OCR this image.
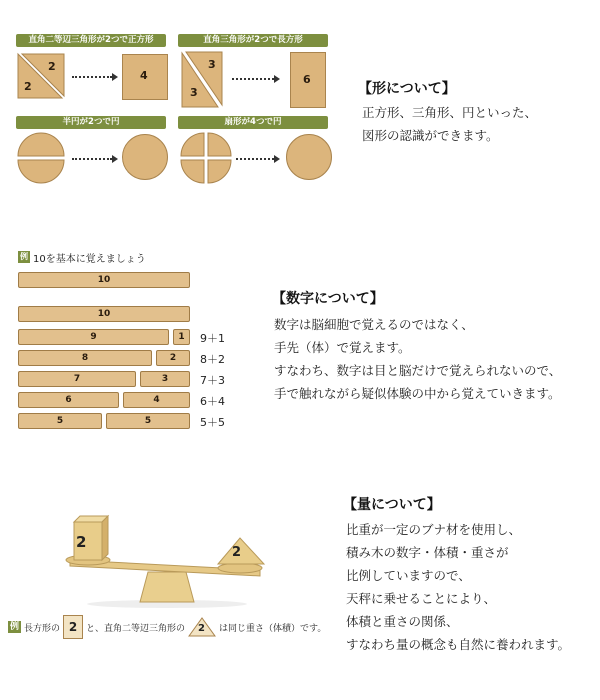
直角二等辺三角形が2つで正方形
2
2
4
直角三角形が2つで長方形
3
3
6
半円が2つで円	扇形が4つで円
【形について】
正方形、三角形、円といった、
図形の認識ができます。
例 10を基本に覚えましょう
10
10
9	1	9＋1
8	2	8＋2
7	3	7＋3
6	4	6＋4
5	5	5＋5
【数字について】
数字は脳細胞で覚えるのではなく、
手先（体）で覚えます。
すなわち、数字は目と脳だけで覚えられないので、
手で触れながら疑似体験の中から覚えていきます。
2
2
例 長方形の 2 と、直角二等辺三角形の 2 は同じ重さ（体積）です。
【量について】
比重が一定のブナ材を使用し、
積み木の数字・体積・重さが
比例していますので、
天秤に乗せることにより、
体積と重さの関係、
すなわち量の概念も自然に養われます。
